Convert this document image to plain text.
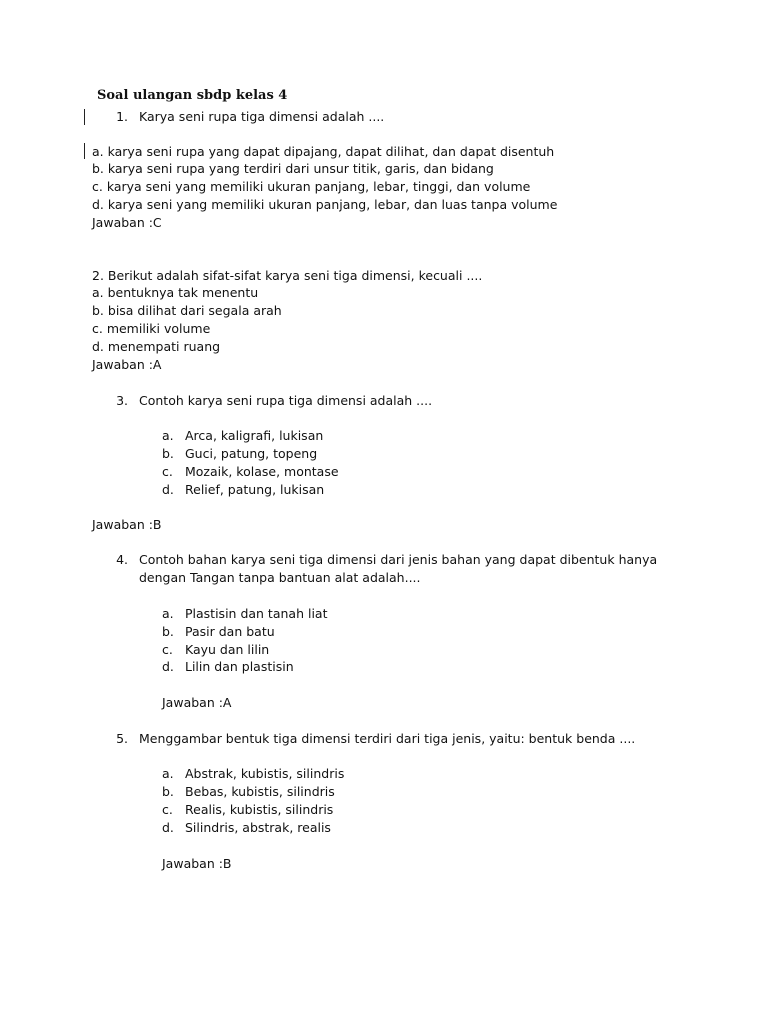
Soal ulangan sbdp kelas 4
1. Karya seni rupa tiga dimensi adalah ....
a. karya seni rupa yang dapat dipajang, dapat dilihat, dan dapat disentuh
b. karya seni rupa yang terdiri dari unsur titik, garis, dan bidang
c. karya seni yang memiliki ukuran panjang, lebar, tinggi, dan volume
d. karya seni yang memiliki ukuran panjang, lebar, dan luas tanpa volume
Jawaban :C
2. Berikut adalah sifat-sifat karya seni tiga dimensi, kecuali ....
a. bentuknya tak menentu
b. bisa dilihat dari segala arah
c. memiliki volume
d. menempati ruang
Jawaban :A
3. Contoh karya seni rupa tiga dimensi adalah ....
a. Arca, kaligrafi, lukisan
b. Guci, patung, topeng
c. Mozaik, kolase, montase
d. Relief, patung, lukisan
Jawaban :B
4. Contoh bahan karya seni tiga dimensi dari jenis bahan yang dapat dibentuk hanya
dengan Tangan tanpa bantuan alat adalah....
a. Plastisin dan tanah liat
b. Pasir dan batu
c. Kayu dan lilin
d. Lilin dan plastisin
Jawaban :A
5. Menggambar bentuk tiga dimensi terdiri dari tiga jenis, yaitu: bentuk benda ....
a. Abstrak, kubistis, silindris
b. Bebas, kubistis, silindris
c. Realis, kubistis, silindris
d. Silindris, abstrak, realis
Jawaban :B
